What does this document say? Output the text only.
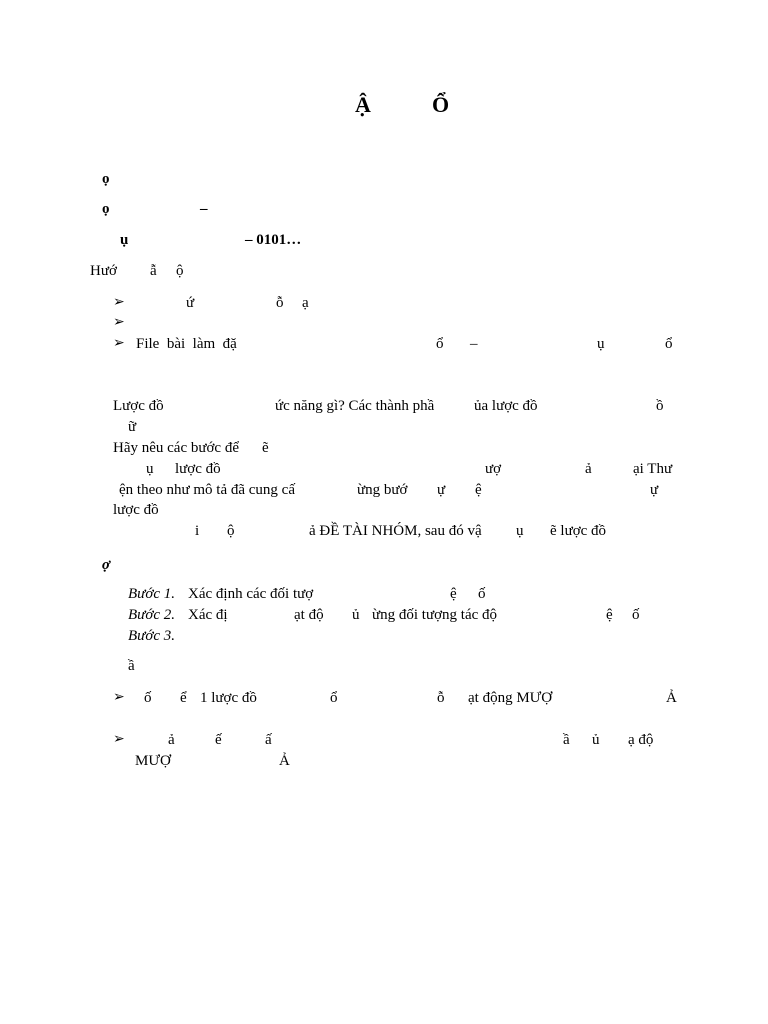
Ậ	Ổ
ọ
ọ	–
ụ	– 0101…
Hướ ẫ ộ
➢	ứ	ỗ ạ
➢
➢ File  bài  làm  đặ	ổ –	ụ	ổ
Lược đồ	ức năng gì? Các thành phầ	ủa lược đồ	ồ
ữ
Hãy nêu các bước để ẽ
ụ lược đồ	ượ	ả	ại Thư
ện theo như mô tả đã cung cấ	ừng bướ ự ệ	ự
lược đồ
i ộ	ả ĐỀ TÀI NHÓM, sau đó vậ ụ ẽ lược đồ
ợ
Bước 1. Xác định các đối tượ	ệ ố
Bước 2. Xác đị	ạt độ ủ ừng đối tượng tác độ	ệ ố
Bước 3.
ầ
➢ ố ể 1 lược đồ	ổ	ỗ ạt động MƯỢ	Ả
➢	ả	ế	ấ	ầ ủ ạ độ
MƯỢ	Ả
